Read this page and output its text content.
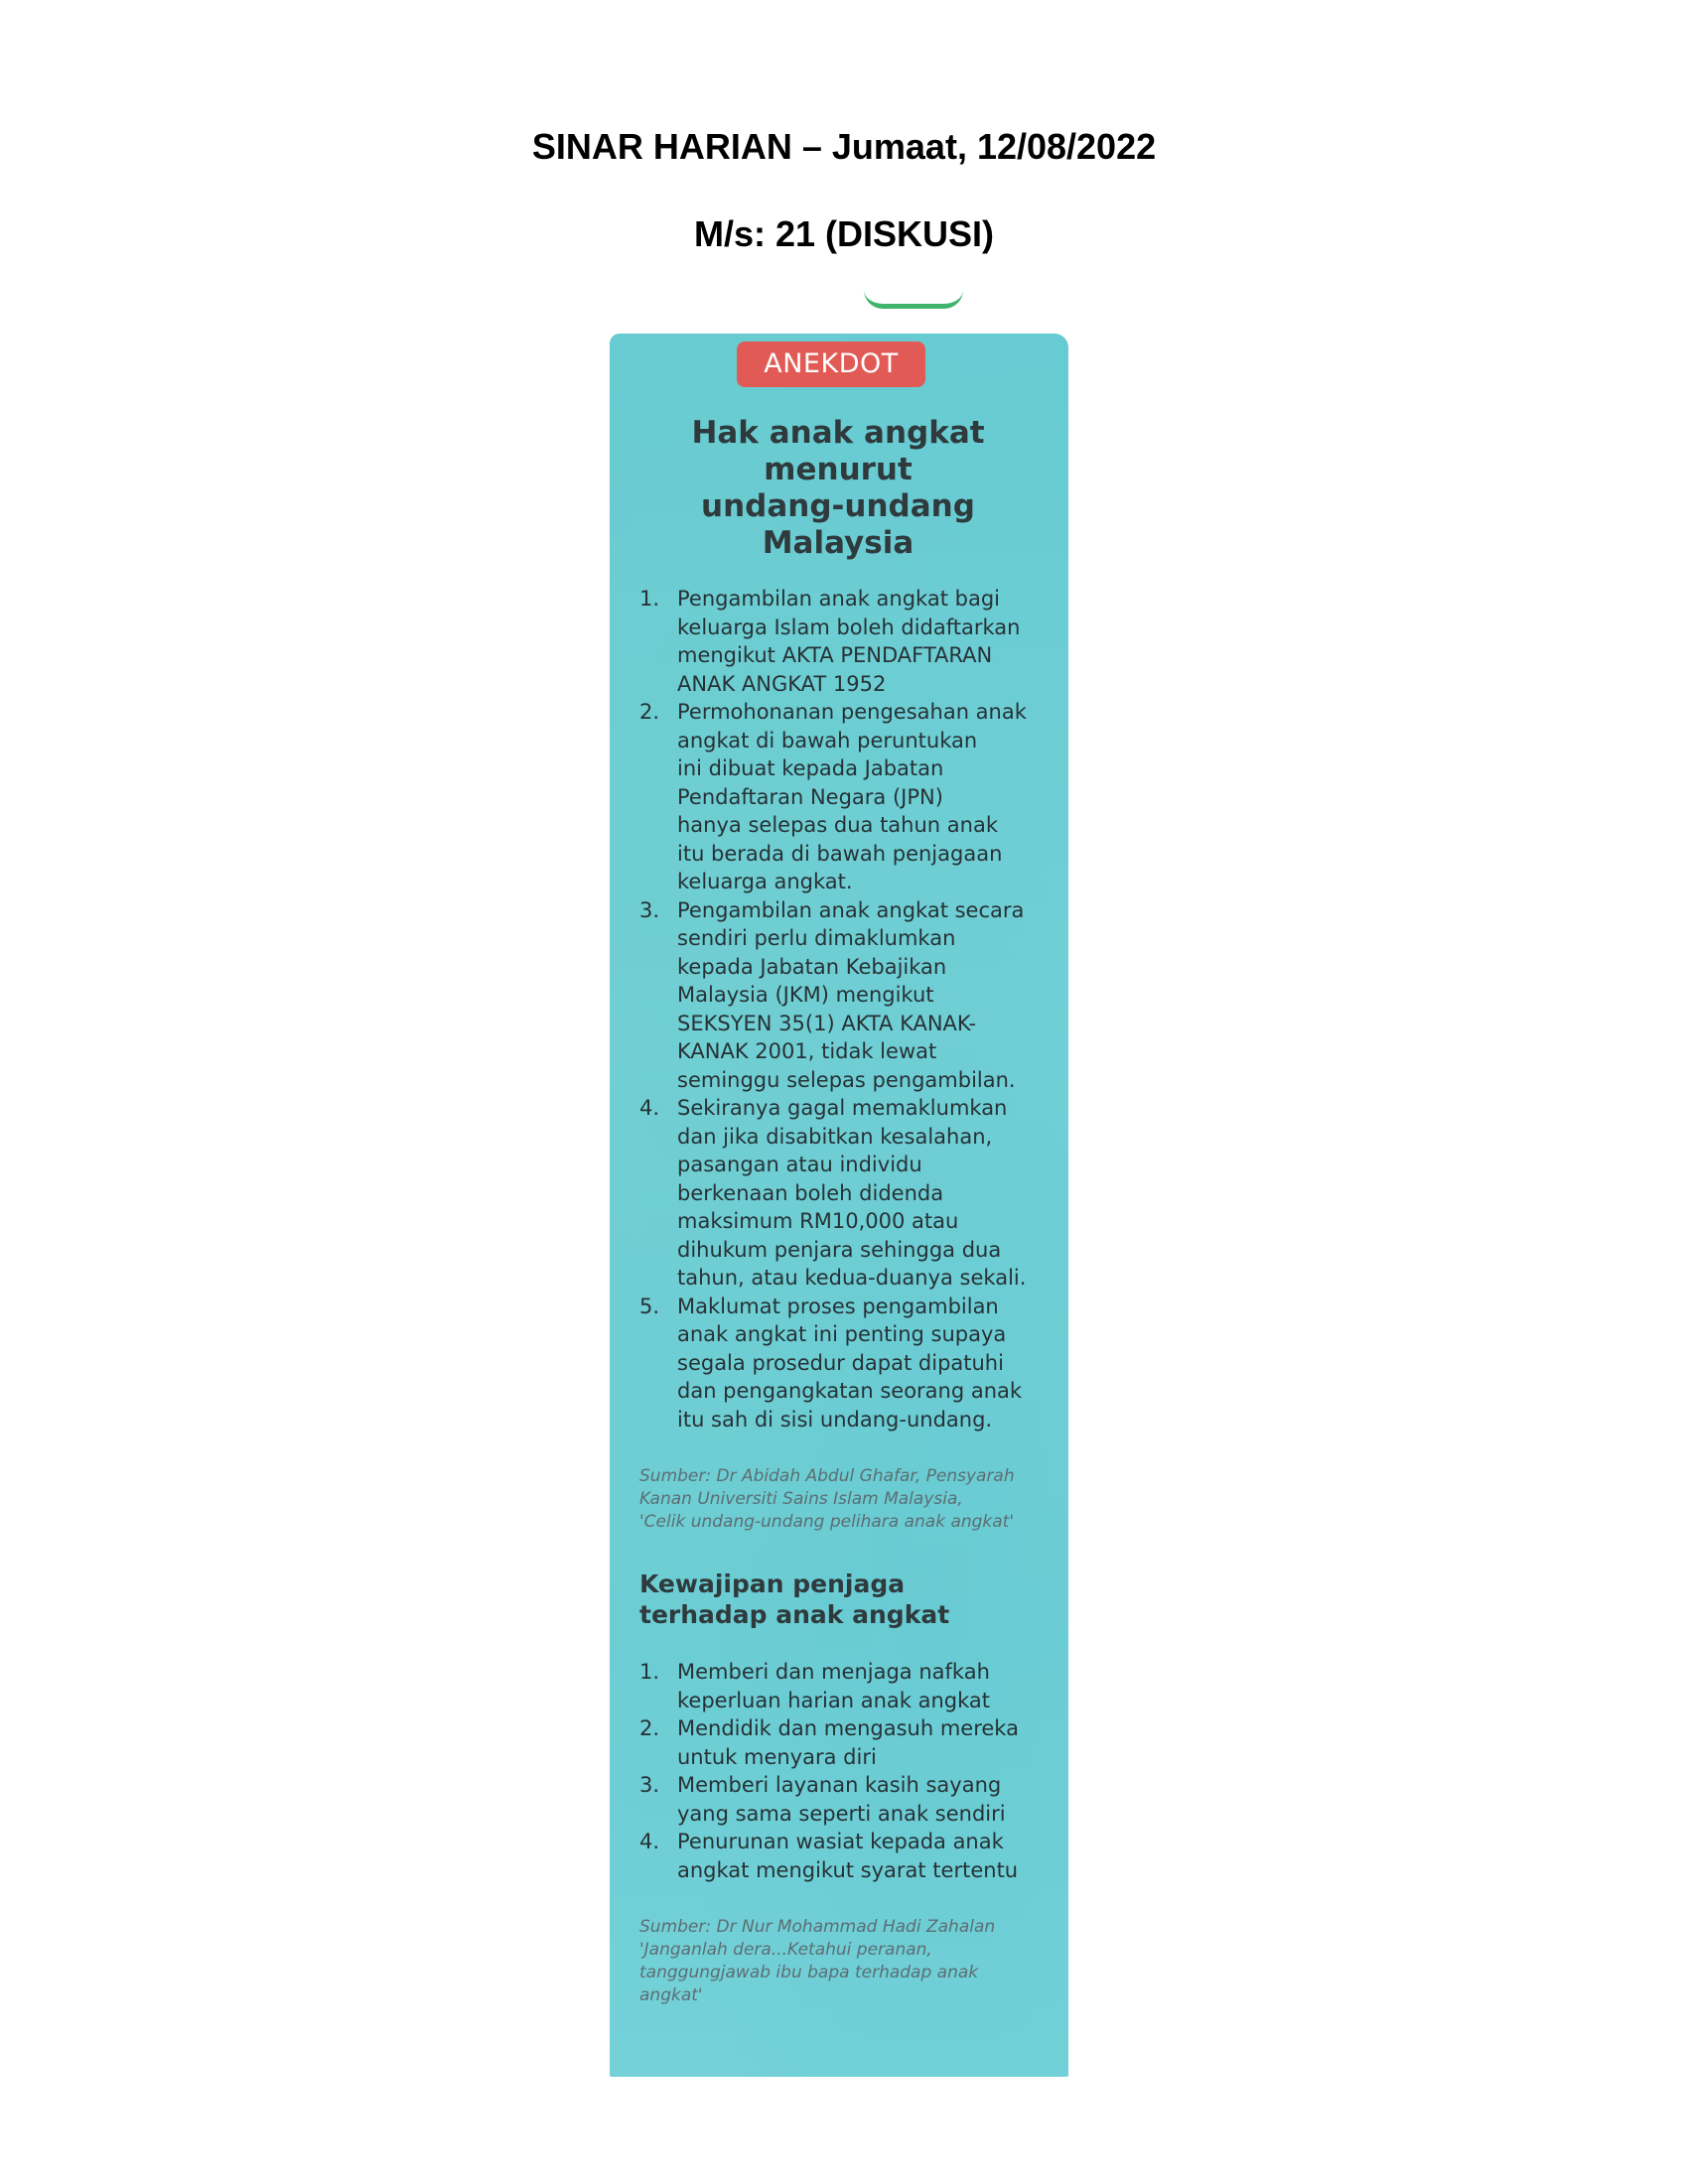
SINAR HARIAN – Jumaat, 12/08/2022
M/s: 21 (DISKUSI)
ANEKDOT
Hak anak angkat
menurut
undang-undang
Malaysia
1. Pengambilan anak angkat bagi
keluarga Islam boleh didaftarkan
mengikut AKTA PENDAFTARAN
ANAK ANGKAT 1952
2. Permohonanan pengesahan anak
angkat di bawah peruntukan
ini dibuat kepada Jabatan
Pendaftaran Negara (JPN)
hanya selepas dua tahun anak
itu berada di bawah penjagaan
keluarga angkat.
3. Pengambilan anak angkat secara
sendiri perlu dimaklumkan
kepada Jabatan Kebajikan
Malaysia (JKM) mengikut
SEKSYEN 35(1) AKTA KANAK-
KANAK 2001, tidak lewat
seminggu selepas pengambilan.
4. Sekiranya gagal memaklumkan
dan jika disabitkan kesalahan,
pasangan atau individu
berkenaan boleh didenda
maksimum RM10,000 atau
dihukum penjara sehingga dua
tahun, atau kedua-duanya sekali.
5. Maklumat proses pengambilan
anak angkat ini penting supaya
segala prosedur dapat dipatuhi
dan pengangkatan seorang anak
itu sah di sisi undang-undang.
Sumber: Dr Abidah Abdul Ghafar, Pensyarah
Kanan Universiti Sains Islam Malaysia,
'Celik undang-undang pelihara anak angkat'
Kewajipan penjaga
terhadap anak angkat
1. Memberi dan menjaga nafkah
keperluan harian anak angkat
2. Mendidik dan mengasuh mereka
untuk menyara diri
3. Memberi layanan kasih sayang
yang sama seperti anak sendiri
4. Penurunan wasiat kepada anak
angkat mengikut syarat tertentu
Sumber: Dr Nur Mohammad Hadi Zahalan
'Janganlah dera...Ketahui peranan,
tanggungjawab ibu bapa terhadap anak
angkat'
